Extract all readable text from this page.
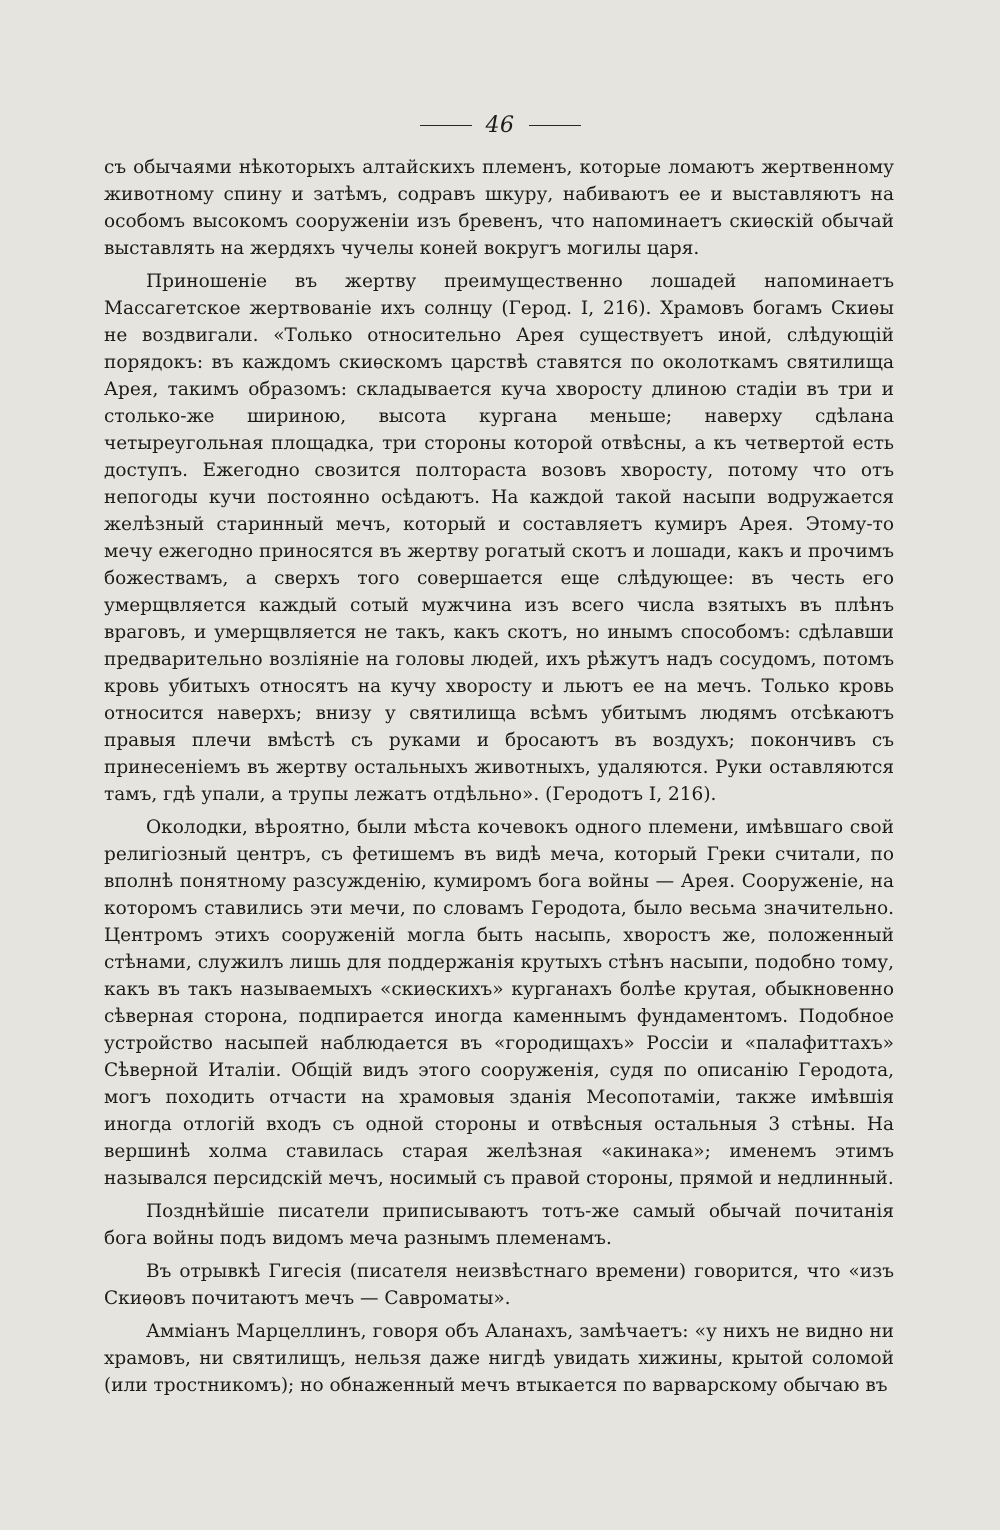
46

съ обычаями нѣкоторыхъ алтайскихъ племенъ, которые ломаютъ жертвенному животному спину и затѣмъ, содравъ шкуру, набиваютъ ее и выставляютъ на особомъ высокомъ сооруженіи изъ бревенъ, что напоминаетъ скиѳскій обычай выставлять на жердяхъ чучелы коней вокругъ могилы царя.

Приношеніе въ жертву преимущественно лошадей напоминаетъ Массагетское жертвованіе ихъ солнцу (Герод. I, 216). Храмовъ богамъ Скиѳы не воздвигали. «Только относительно Арея существуетъ иной, слѣдующій порядокъ: въ каждомъ скиѳскомъ царствѣ ставятся по околоткамъ святилища Арея, такимъ образомъ: складывается куча хворосту длиною стадіи въ три и столько-же шириною, высота кургана меньше; наверху сдѣлана четыреугольная площадка, три стороны которой отвѣсны, а къ четвертой есть доступъ. Ежегодно свозится полтораста возовъ хворосту, потому что отъ непогоды кучи постоянно осѣдаютъ. На каждой такой насыпи водружается желѣзный старинный мечъ, который и составляетъ кумиръ Арея. Этому-то мечу ежегодно приносятся въ жертву рогатый скотъ и лошади, какъ и прочимъ божествамъ, а сверхъ того совершается еще слѣдующее: въ честь его умерщвляется каждый сотый мужчина изъ всего числа взятыхъ въ плѣнъ враговъ, и умерщвляется не такъ, какъ скотъ, но инымъ способомъ: сдѣлавши предварительно возліяніе на головы людей, ихъ рѣжутъ надъ сосудомъ, потомъ кровь убитыхъ относятъ на кучу хворосту и льютъ ее на мечъ. Только кровь относится наверхъ; внизу у святилища всѣмъ убитымъ людямъ отсѣкаютъ правыя плечи вмѣстѣ съ руками и бросаютъ въ воздухъ; покончивъ съ принесеніемъ въ жертву остальныхъ животныхъ, удаляются. Руки оставляются тамъ, гдѣ упали, а трупы лежатъ отдѣльно». (Геродотъ I, 216).

Околодки, вѣроятно, были мѣста кочевокъ одного племени, имѣвшаго свой религіозный центръ, съ фетишемъ въ видѣ меча, который Греки считали, по вполнѣ понятному разсужденію, кумиромъ бога войны — Арея. Сооруженіе, на которомъ ставились эти мечи, по словамъ Геродота, было весьма значительно. Центромъ этихъ сооруженій могла быть насыпь, хворостъ же, положенный стѣнами, служилъ лишь для поддержанія крутыхъ стѣнъ насыпи, подобно тому, какъ въ такъ называемыхъ «скиѳскихъ» курганахъ болѣе крутая, обыкновенно сѣверная сторона, подпирается иногда каменнымъ фундаментомъ. Подобное устройство насыпей наблюдается въ «городищахъ» Россіи и «палафиттахъ» Сѣверной Италіи. Общій видъ этого сооруженія, судя по описанію Геродота, могъ походить отчасти на храмовыя зданія Месопотаміи, также имѣвшія иногда отлогій входъ съ одной стороны и отвѣсныя остальныя 3 стѣны. На вершинѣ холма ставилась старая желѣзная «акинака»; именемъ этимъ назывался персидскій мечъ, носимый съ правой стороны, прямой и недлинный.

Позднѣйшіе писатели приписываютъ тотъ-же самый обычай почитанія бога войны подъ видомъ меча разнымъ племенамъ.

Въ отрывкѣ Гигесія (писателя неизвѣстнаго времени) говорится, что «изъ Скиѳовъ почитаютъ мечъ — Савроматы».

Аммiанъ Марцеллинъ, говоря объ Аланахъ, замѣчаетъ: «у нихъ не видно ни храмовъ, ни святилищъ, нельзя даже нигдѣ увидать хижины, крытой соломой (или тростникомъ); но обнаженный мечъ втыкается по варварскому обычаю въ
